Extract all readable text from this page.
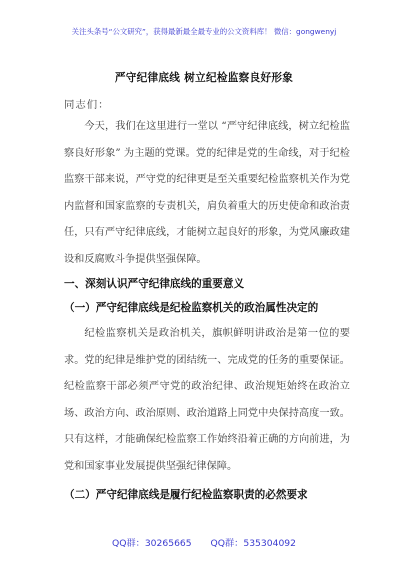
关注头条号“公文研究”，获得最新最全最专业的公文资料库！ 微信：gongwenyj
严守纪律底线 树立纪检监察良好形象
同志们：

今天，我们在这里进行一堂以 “严守纪律底线，树立纪检监察良好形象” 为主题的党课。党的纪律是党的生命线，对于纪检监察干部来说，严守党的纪律更是至关重要纪检监察机关作为党内监督和国家监察的专责机关，肩负着重大的历史使命和政治责任，只有严守纪律底线，才能树立起良好的形象，为党风廉政建设和反腐败斗争提供坚强保障。

一、深刻认识严守纪律底线的重要意义
（一）严守纪律底线是纪检监察机关的政治属性决定的

纪检监察机关是政治机关，旗帜鲜明讲政治是第一位的要求。党的纪律是维护党的团结统一、完成党的任务的重要保证。纪检监察干部必须严守党的政治纪律、政治规矩始终在政治立场、政治方向、政治原则、政治道路上同党中央保持高度一致。只有这样，才能确保纪检监察工作始终沿着正确的方向前进，为党和国家事业发展提供坚强纪律保障。

（二）严守纪律底线是履行纪检监察职责的必然要求
QQ群：30265665 QQ群：535304092
